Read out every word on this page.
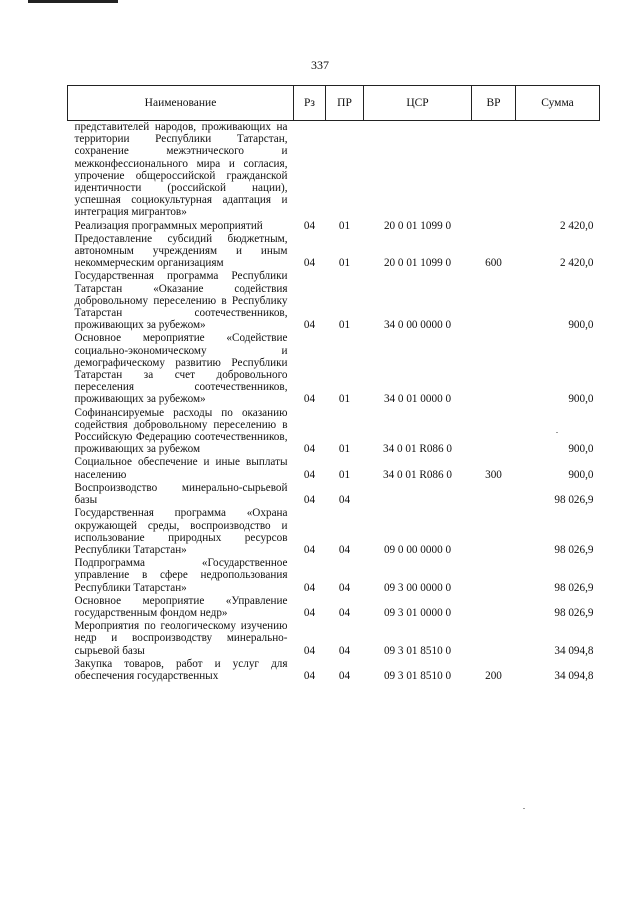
337
Наименование	Рз	ПР	ЦСР	ВР	Сумма
представителей народов, проживающих на территории Республики Татарстан, сохранение межэтнического и межконфессионального мира и согласия, упрочение общероссийской гражданской идентичности (российской нации), успешная социокультурная адаптация и интеграция мигрантов»					
Реализация программных мероприятий	04	01	20 0 01 1099 0		2 420,0
Предоставление субсидий бюджетным, автономным учреждениям и иным некоммерческим организациям	04	01	20 0 01 1099 0	600	2 420,0
Государственная программа Республики Татарстан «Оказание содействия добровольному переселению в Республику Татарстан соотечественников, проживающих за рубежом»	04	01	34 0 00 0000 0		900,0
Основное мероприятие «Содействие социально-экономическому и демографическому развитию Республики Татарстан за счет добровольного переселения соотечественников, проживающих за рубежом»	04	01	34 0 01 0000 0		900,0
Софинансируемые расходы по оказанию содействия добровольному переселению в Российскую Федерацию соотечественников, проживающих за рубежом	04	01	34 0 01 R086 0		900,0
Социальное обеспечение и иные выплаты населению	04	01	34 0 01 R086 0	300	900,0
Воспроизводство минерально-сырьевой базы	04	04			98 026,9
Государственная программа «Охрана окружающей среды, воспроизводство и использование природных ресурсов Республики Татарстан»	04	04	09 0 00 0000 0		98 026,9
Подпрограмма «Государственное управление в сфере недропользования Республики Татарстан»	04	04	09 3 00 0000 0		98 026,9
Основное мероприятие «Управление государственным фондом недр»	04	04	09 3 01 0000 0		98 026,9
Мероприятия по геологическому изучению недр и воспроизводству минерально-сырьевой базы	04	04	09 3 01 8510 0		34 094,8
Закупка товаров, работ и услуг для обеспечения государственных	04	04	09 3 01 8510 0	200	34 094,8
